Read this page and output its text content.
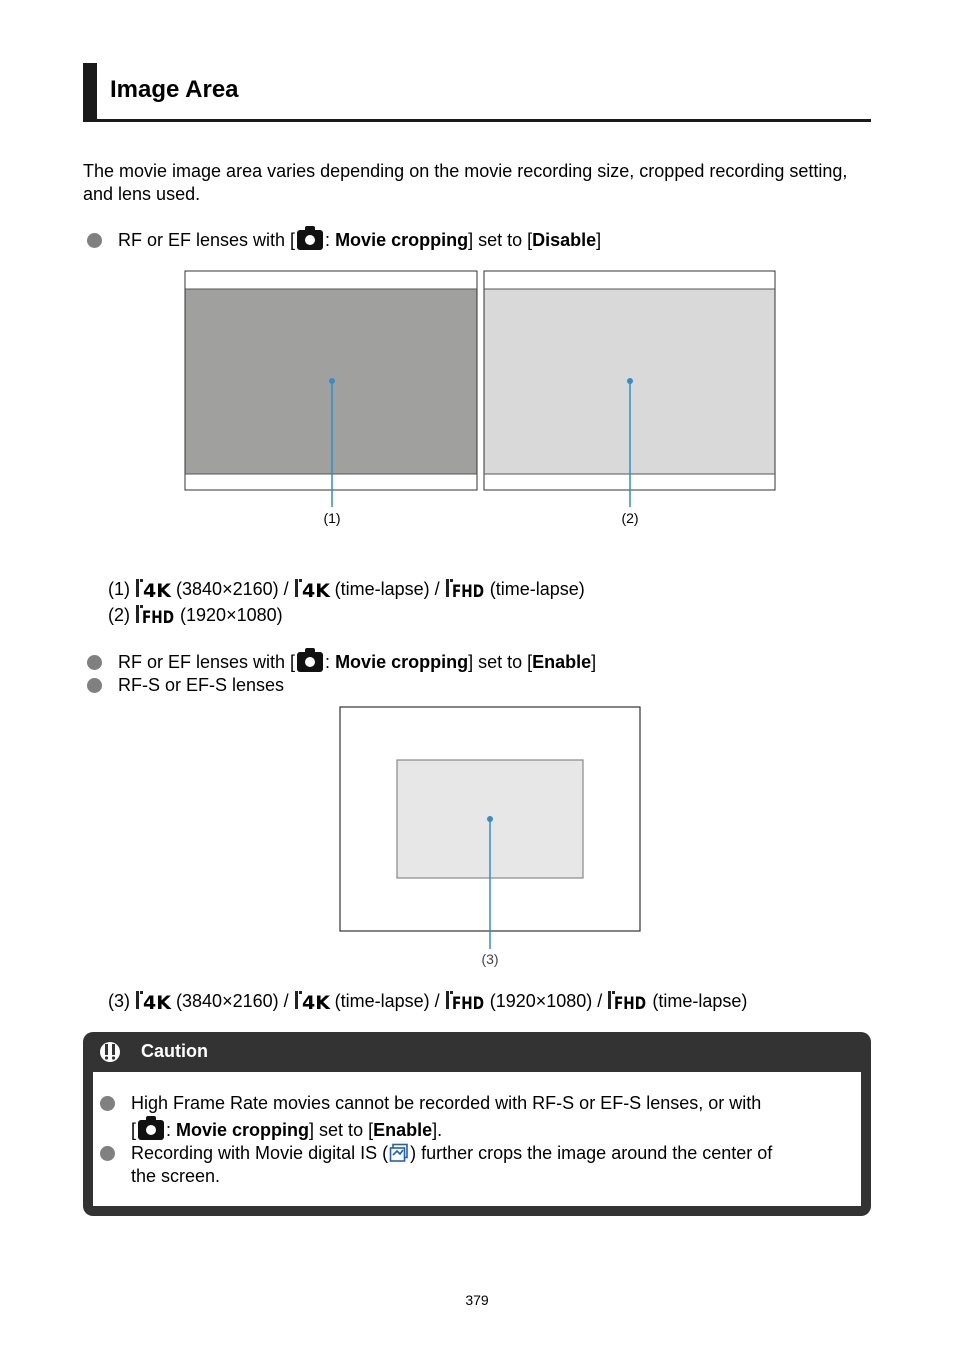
Image Area
The movie image area varies depending on the movie recording size, cropped recording setting, and lens used.
RF or EF lenses with [ : Movie cropping] set to [Disable]
(1)	(2)
(1) 4K (3840×2160) / 4K (time-lapse) / FHD (time-lapse)
(2) FHD (1920×1080)
RF or EF lenses with [ : Movie cropping] set to [Enable]
RF-S or EF-S lenses
(3)
(3) 4K (3840×2160) / 4K (time-lapse) / FHD (1920×1080) / FHD (time-lapse)
Caution
High Frame Rate movies cannot be recorded with RF-S or EF-S lenses, or with
[ : Movie cropping] set to [Enable].
Recording with Movie digital IS ( ) further crops the image around the center of
the screen.
379
